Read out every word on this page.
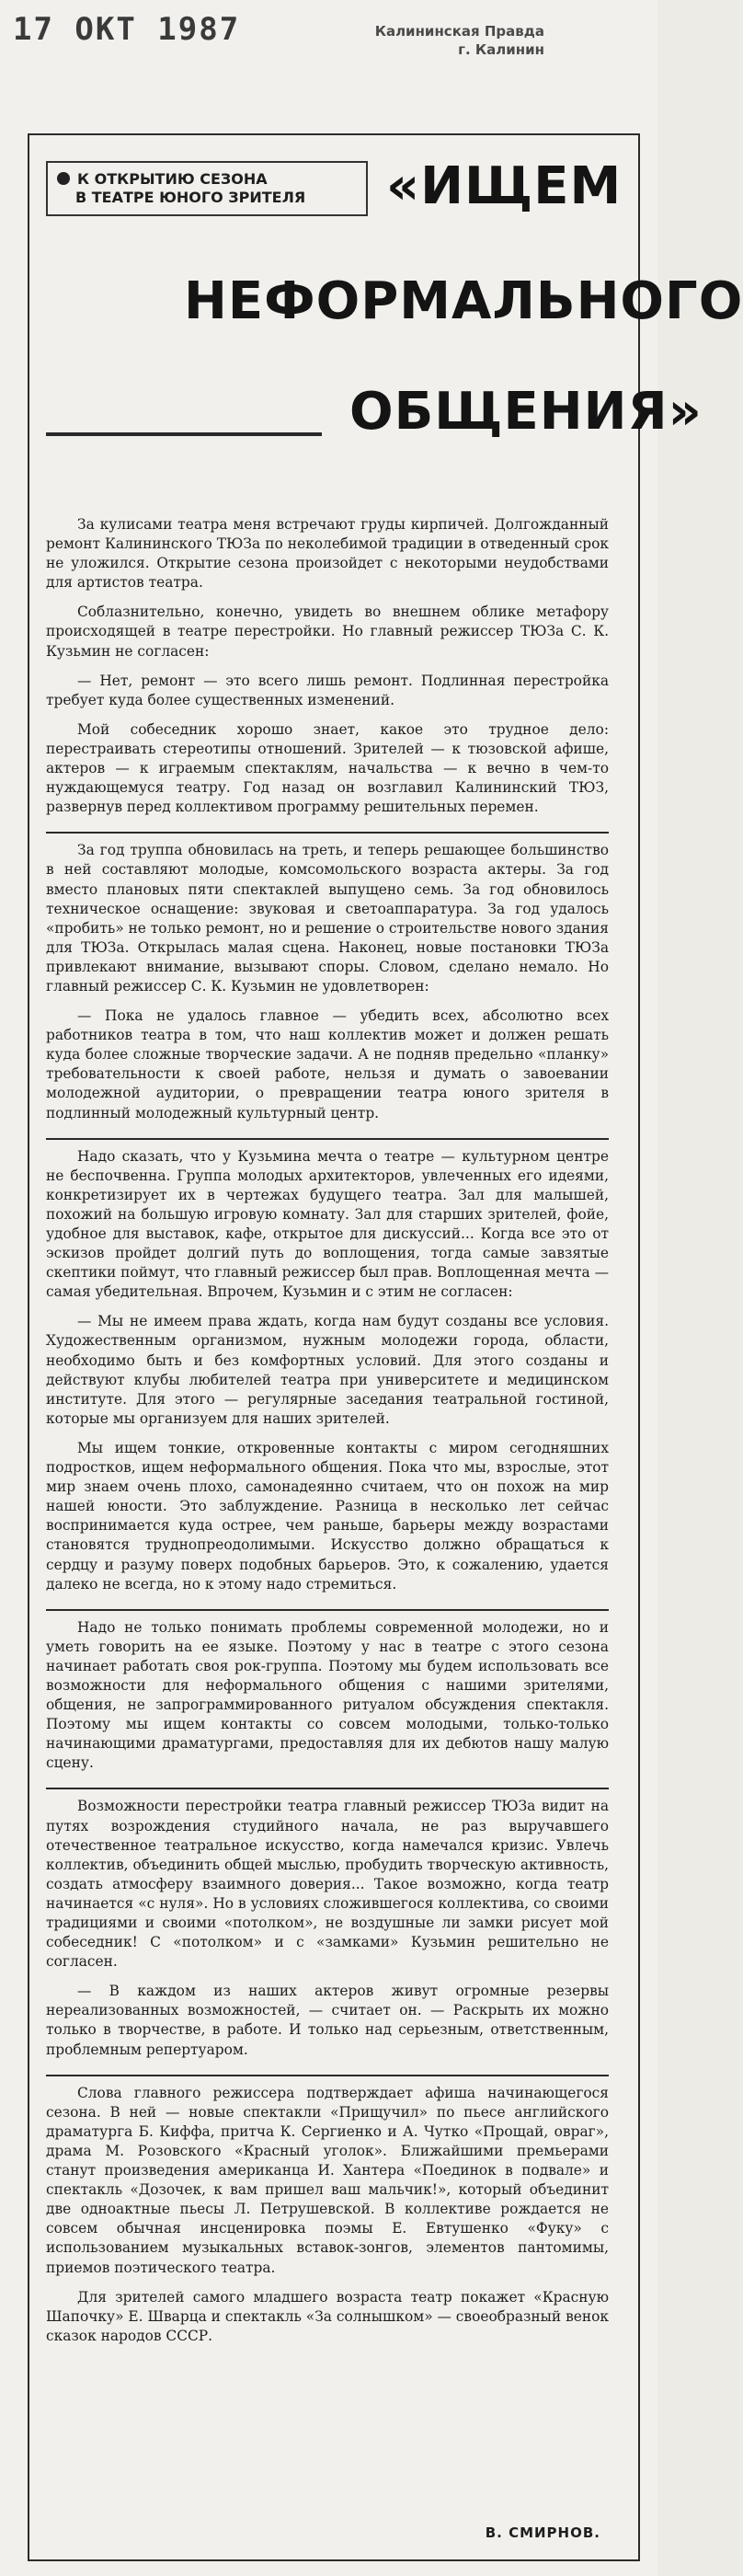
17 ОКТ 1987	Калининская Правда
г. Калинин
К ОТКРЫТИЮ СЕЗОНА
В ТЕАТРЕ ЮНОГО ЗРИТЕЛЯ	«ИЩЕМ
НЕФОРМАЛЬНОГО
ОБЩЕНИЯ»

За кулисами театра меня встречают груды кирпичей. Долгожданный ремонт Калининского ТЮЗа по неколебимой традиции в отведенный срок не уложился. Открытие сезона произойдет с некоторыми неудобствами для артистов театра.

Соблазнительно, конечно, увидеть во внешнем облике метафору происходящей в театре перестройки. Но главный режиссер ТЮЗа С. К. Кузьмин не согласен:

— Нет, ремонт — это всего лишь ремонт. Подлинная перестройка требует куда более существенных изменений.

Мой собеседник хорошо знает, какое это трудное дело: перестраивать стереотипы отношений. Зрителей — к тюзовской афише, актеров — к играемым спектаклям, начальства — к вечно в чем-то нуждающемуся театру. Год назад он возглавил Калининский ТЮЗ, развернув перед коллективом программу решительных перемен.

За год труппа обновилась на треть, и теперь решающее большинство в ней составляют молодые, комсомольского возраста актеры. За год вместо плановых пяти спектаклей выпущено семь. За год обновилось техническое оснащение: звуковая и светоаппаратура. За год удалось «пробить» не только ремонт, но и решение о строительстве нового здания для ТЮЗа. Открылась малая сцена. Наконец, новые постановки ТЮЗа привлекают внимание, вызывают споры. Словом, сделано немало. Но главный режиссер С. К. Кузьмин не удовлетворен:

— Пока не удалось главное — убедить всех, абсолютно всех работников театра в том, что наш коллектив может и должен решать куда более сложные творческие задачи. А не подняв предельно «планку» требовательности к своей работе, нельзя и думать о завоевании молодежной аудитории, о превращении театра юного зрителя в подлинный молодежный культурный центр.

Надо сказать, что у Кузьмина мечта о театре — культурном центре не беспочвенна. Группа молодых архитекторов, увлеченных его идеями, конкретизирует их в чертежах будущего театра. Зал для малышей, похожий на большую игровую комнату. Зал для старших зрителей, фойе, удобное для выставок, кафе, открытое для дискуссий... Когда все это от эскизов пройдет долгий путь до воплощения, тогда самые завзятые скептики поймут, что главный режиссер был прав. Воплощенная мечта — самая убедительная. Впрочем, Кузьмин и с этим не согласен:

— Мы не имеем права ждать, когда нам будут созданы все условия. Художественным организмом, нужным молодежи города, области, необходимо быть и без комфортных условий. Для этого созданы и действуют клубы любителей театра при университете и медицинском институте. Для этого — регулярные заседания театральной гостиной, которые мы организуем для наших зрителей.

Мы ищем тонкие, откровенные контакты с миром сегодняшних подростков, ищем неформального общения. Пока что мы, взрослые, этот мир знаем очень плохо, самонадеянно считаем, что он похож на мир нашей юности. Это заблуждение. Разница в несколько лет сейчас воспринимается куда острее, чем раньше, барьеры между возрастами становятся труднопреодолимыми. Искусство должно обращаться к сердцу и разуму поверх подобных барьеров. Это, к сожалению, удается далеко не всегда, но к этому надо стремиться.

Надо не только понимать проблемы современной молодежи, но и уметь говорить на ее языке. Поэтому у нас в театре с этого сезона начинает работать своя рок-группа. Поэтому мы будем использовать все возможности для неформального общения с нашими зрителями, общения, не запрограммированного ритуалом обсуждения спектакля. Поэтому мы ищем контакты со совсем молодыми, только-только начинающими драматургами, предоставляя для их дебютов нашу малую сцену.

Возможности перестройки театра главный режиссер ТЮЗа видит на путях возрождения студийного начала, не раз выручавшего отечественное театральное искусство, когда намечался кризис. Увлечь коллектив, объединить общей мыслью, пробудить творческую активность, создать атмосферу взаимного доверия... Такое возможно, когда театр начинается «с нуля». Но в условиях сложившегося коллектива, со своими традициями и своими «потолком», не воздушные ли замки рисует мой собеседник! С «потолком» и с «замками» Кузьмин решительно не согласен.

— В каждом из наших актеров живут огромные резервы нереализованных возможностей, — считает он. — Раскрыть их можно только в творчестве, в работе. И только над серьезным, ответственным, проблемным репертуаром.

Слова главного режиссера подтверждает афиша начинающегося сезона. В ней — новые спектакли «Прищучил» по пьесе английского драматурга Б. Киффа, притча К. Сергиенко и А. Чутко «Прощай, овраг», драма М. Розовского «Красный уголок». Ближайшими премьерами станут произведения американца И. Хантера «Поединок в подвале» и спектакль «Дозочек, к вам пришел ваш мальчик!», который объединит две одноактные пьесы Л. Петрушевской. В коллективе рождается не совсем обычная инсценировка поэмы Е. Евтушенко «Фуку» с использованием музыкальных вставок-зонгов, элементов пантомимы, приемов поэтического театра.

Для зрителей самого младшего возраста театр покажет «Красную Шапочку» Е. Шварца и спектакль «За солнышком» — своеобразный венок сказок народов СССР.

В. СМИРНОВ.
